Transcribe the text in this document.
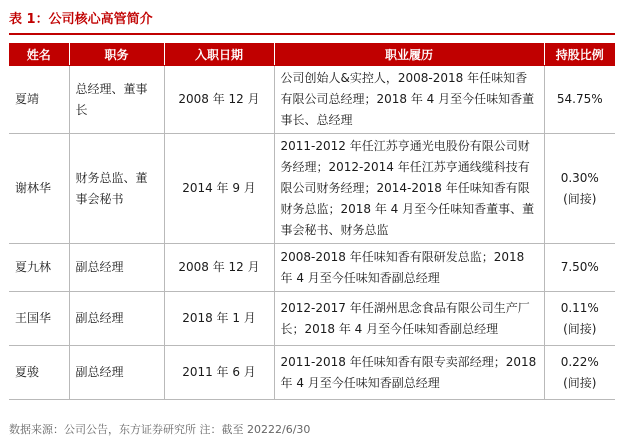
表 1：公司核心高管简介
姓名	职务	入职日期	职业履历	持股比例
夏靖	总经理、董事长	2008 年 12 月	公司创始人&实控人，2008-2018 年任味知香有限公司总经理；2018 年 4 月至今任味知香董事长、总经理	54.75%

谢林华	财务总监、董事会秘书	2014 年 9 月	2011-2012 年任江苏亨通光电股份有限公司财务经理；2012-2014 年任江苏亨通线缆科技有限公司财务经理；2014-2018 年任味知香有限财务总监；2018 年 4 月至今任味知香董事、董事会秘书、财务总监	0.30%
(间接)

夏九林	副总经理	2008 年 12 月	2008-2018 年任味知香有限研发总监；2018 年 4 月至今任味知香副总经理	7.50%

王国华	副总经理	2018 年 1 月	2012-2017 年任湖州思念食品有限公司生产厂长；2018 年 4 月至今任味知香副总经理	0.11%
(间接)

夏骏	副总经理	2011 年 6 月	2011-2018 年任味知香有限专卖部经理；2018 年 4 月至今任味知香副总经理	0.22%
(间接)
数据来源：公司公告，东方证券研究所 注：截至 20222/6/30
